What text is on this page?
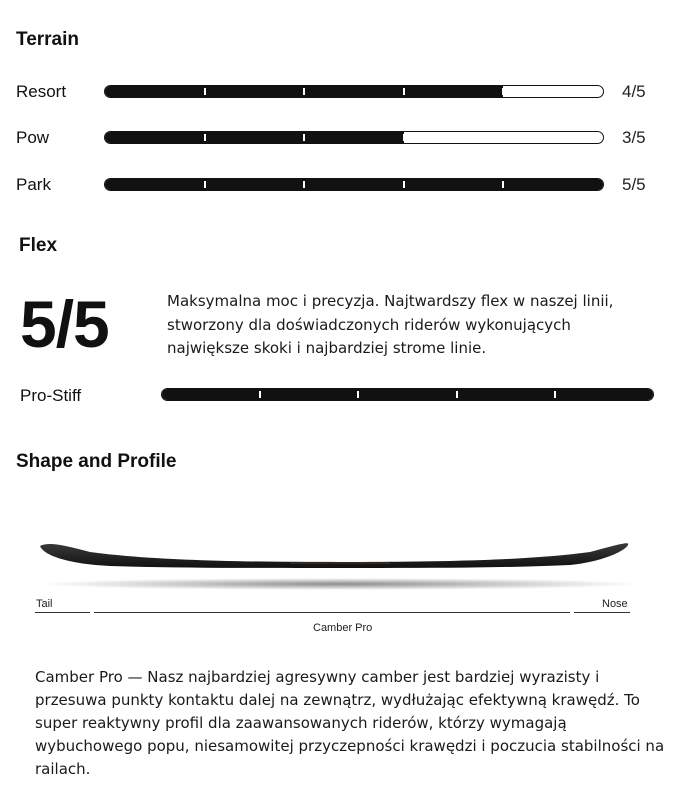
Terrain
Resort	4/5
Pow	3/5
Park	5/5
Flex
5/5	Maksymalna moc i precyzja. Najtwardszy flex w naszej linii, stworzony dla doświadczonych riderów wykonujących największe skoki i najbardziej strome linie.
Pro-Stiff
Shape and Profile
Tail	Nose
Camber Pro
Camber Pro — Nasz najbardziej agresywny camber jest bardziej wyrazisty i przesuwa punkty kontaktu dalej na zewnątrz, wydłużając efektywną krawędź. To super reaktywny profil dla zaawansowanych riderów, którzy wymagają wybuchowego popu, niesamowitej przyczepności krawędzi i poczucia stabilności na railach.
